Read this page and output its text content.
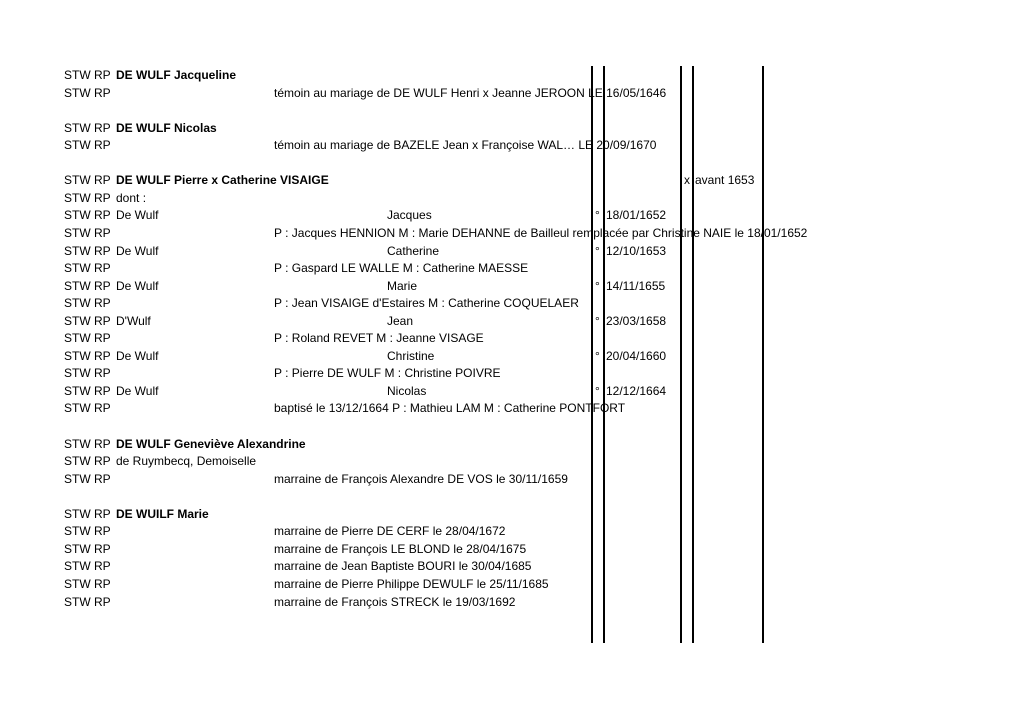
STW RP DE WULF Jacqueline
STW RP	témoin au mariage de DE WULF Henri x Jeanne JEROON LE 16/05/1646
STW RP DE WULF Nicolas
STW RP	témoin au mariage de BAZELE Jean x Françoise WAL… LE 20/09/1670
STW RP DE WULF Pierre x Catherine VISAIGE	x avant 1653
STW RP dont :
STW RP De Wulf	Jacques	° 18/01/1652
STW RP	P : Jacques HENNION M : Marie DEHANNE de Bailleul remplacée par Christine NAIE le 18/01/1652
STW RP De Wulf	Catherine	° 12/10/1653
STW RP	P : Gaspard LE WALLE M : Catherine MAESSE
STW RP De Wulf	Marie	° 14/11/1655
STW RP	P : Jean VISAIGE d'Estaires M : Catherine COQUELAER
STW RP D'Wulf	Jean	° 23/03/1658
STW RP	P : Roland REVET M : Jeanne VISAGE
STW RP De Wulf	Christine	° 20/04/1660
STW RP	P : Pierre DE WULF M : Christine POIVRE
STW RP De Wulf	Nicolas	° 12/12/1664
STW RP	baptisé le 13/12/1664 P : Mathieu LAM M : Catherine PONTFORT
STW RP DE WULF Geneviève Alexandrine
STW RP de Ruymbecq, Demoiselle
STW RP	marraine de François Alexandre DE VOS le 30/11/1659
STW RP DE WUILF Marie
STW RP	marraine de Pierre DE CERF le 28/04/1672
STW RP	marraine de François LE BLOND le 28/04/1675
STW RP	marraine de Jean Baptiste BOURI le 30/04/1685
STW RP	marraine de Pierre Philippe DEWULF le 25/11/1685
STW RP	marraine de François STRECK le 19/03/1692
